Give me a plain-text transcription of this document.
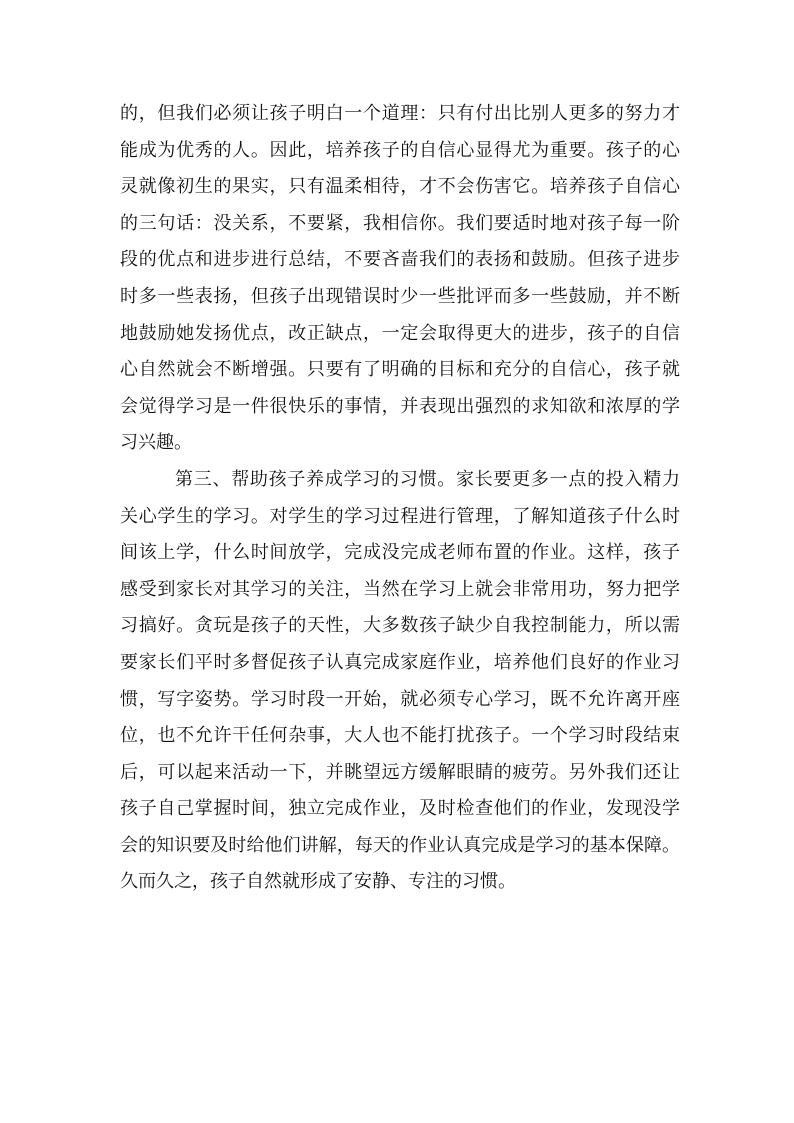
的，但我们必须让孩子明白一个道理：只有付出比别人更多的努力才
能成为优秀的人。因此，培养孩子的自信心显得尤为重要。孩子的心
灵就像初生的果实，只有温柔相待，才不会伤害它。培养孩子自信心
的三句话：没关系，不要紧，我相信你。我们要适时地对孩子每一阶
段的优点和进步进行总结，不要吝啬我们的表扬和鼓励。但孩子进步
时多一些表扬，但孩子出现错误时少一些批评而多一些鼓励，并不断
地鼓励她发扬优点，改正缺点，一定会取得更大的进步，孩子的自信
心自然就会不断增强。只要有了明确的目标和充分的自信心，孩子就
会觉得学习是一件很快乐的事情，并表现出强烈的求知欲和浓厚的学
习兴趣。
第三、帮助孩子养成学习的习惯。家长要更多一点的投入精力
关心学生的学习。对学生的学习过程进行管理，了解知道孩子什么时
间该上学，什么时间放学，完成没完成老师布置的作业。这样，孩子
感受到家长对其学习的关注，当然在学习上就会非常用功，努力把学
习搞好。贪玩是孩子的天性，大多数孩子缺少自我控制能力，所以需
要家长们平时多督促孩子认真完成家庭作业，培养他们良好的作业习
惯，写字姿势。学习时段一开始，就必须专心学习，既不允许离开座
位，也不允许干任何杂事，大人也不能打扰孩子。一个学习时段结束
后，可以起来活动一下，并眺望远方缓解眼睛的疲劳。另外我们还让
孩子自己掌握时间，独立完成作业，及时检查他们的作业，发现没学
会的知识要及时给他们讲解，每天的作业认真完成是学习的基本保障。
久而久之，孩子自然就形成了安静、专注的习惯。
